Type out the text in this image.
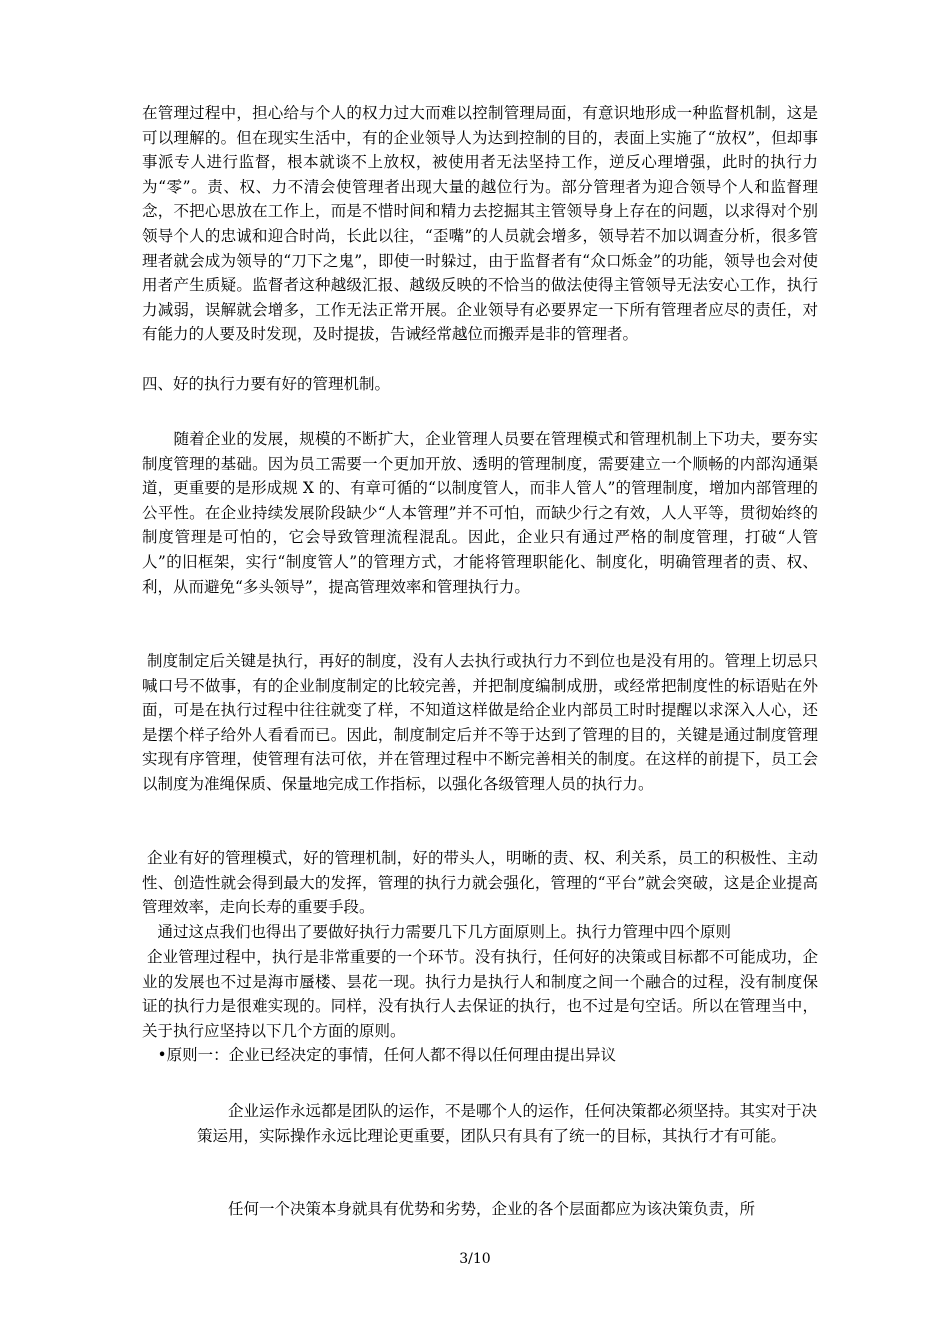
在管理过程中，担心给与个人的权力过大而难以控制管理局面，有意识地形成一种监督机制，这是可以理解的。但在现实生活中，有的企业领导人为达到控制的目的，表面上实施了“放权”，但却事事派专人进行监督，根本就谈不上放权，被使用者无法坚持工作，逆反心理增强，此时的执行力为“零”。责、权、力不清会使管理者出现大量的越位行为。部分管理者为迎合领导个人和监督理念，不把心思放在工作上，而是不惜时间和精力去挖掘其主管领导身上存在的问题，以求得对个别领导个人的忠诚和迎合时尚，长此以往，“歪嘴”的人员就会增多，领导若不加以调查分析，很多管理者就会成为领导的“刀下之鬼”，即使一时躲过，由于监督者有“众口烁金”的功能，领导也会对使用者产生质疑。监督者这种越级汇报、越级反映的不恰当的做法使得主管领导无法安心工作，执行力减弱，误解就会增多，工作无法正常开展。企业领导有必要界定一下所有管理者应尽的责任，对有能力的人要及时发现，及时提拔，告诫经常越位而搬弄是非的管理者。

四、好的执行力要有好的管理机制。

　　随着企业的发展，规模的不断扩大，企业管理人员要在管理模式和管理机制上下功夫，要夯实制度管理的基础。因为员工需要一个更加开放、透明的管理制度，需要建立一个顺畅的内部沟通渠道，更重要的是形成规 X 的、有章可循的“以制度管人，而非人管人”的管理制度，增加内部管理的公平性。在企业持续发展阶段缺少“人本管理”并不可怕，而缺少行之有效，人人平等，贯彻始终的制度管理是可怕的，它会导致管理流程混乱。因此，企业只有通过严格的制度管理，打破“人管人”的旧框架，实行“制度管人”的管理方式，才能将管理职能化、制度化，明确管理者的责、权、利，从而避免“多头领导”，提高管理效率和管理执行力。

制度制定后关键是执行，再好的制度，没有人去执行或执行力不到位也是没有用的。管理上切忌只喊口号不做事，有的企业制度制定的比较完善，并把制度编制成册，或经常把制度性的标语贴在外面，可是在执行过程中往往就变了样，不知道这样做是给企业内部员工时时提醒以求深入人心，还是摆个样子给外人看看而已。因此，制度制定后并不等于达到了管理的目的，关键是通过制度管理实现有序管理，使管理有法可依，并在管理过程中不断完善相关的制度。在这样的前提下，员工会以制度为准绳保质、保量地完成工作指标，以强化各级管理人员的执行力。

企业有好的管理模式，好的管理机制，好的带头人，明晰的责、权、利关系，员工的积极性、主动性、创造性就会得到最大的发挥，管理的执行力就会强化，管理的“平台”就会突破，这是企业提高管理效率，走向长寿的重要手段。

　通过这点我们也得出了要做好执行力需要几下几方面原则上。执行力管理中四个原则

企业管理过程中，执行是非常重要的一个环节。没有执行，任何好的决策或目标都不可能成功，企业的发展也不过是海市蜃楼、昙花一现。执行力是执行人和制度之间一个融合的过程，没有制度保证的执行力是很难实现的。同样，没有执行人去保证的执行，也不过是句空话。所以在管理当中，关于执行应坚持以下几个方面的原则。

　•原则一：企业已经决定的事情，任何人都不得以任何理由提出异议

　　企业运作永远都是团队的运作，不是哪个人的运作，任何决策都必须坚持。其实对于决策运用，实际操作永远比理论更重要，团队只有具有了统一的目标，其执行才有可能。

　　任何一个决策本身就具有优势和劣势，企业的各个层面都应为该决策负责，所

3/10
